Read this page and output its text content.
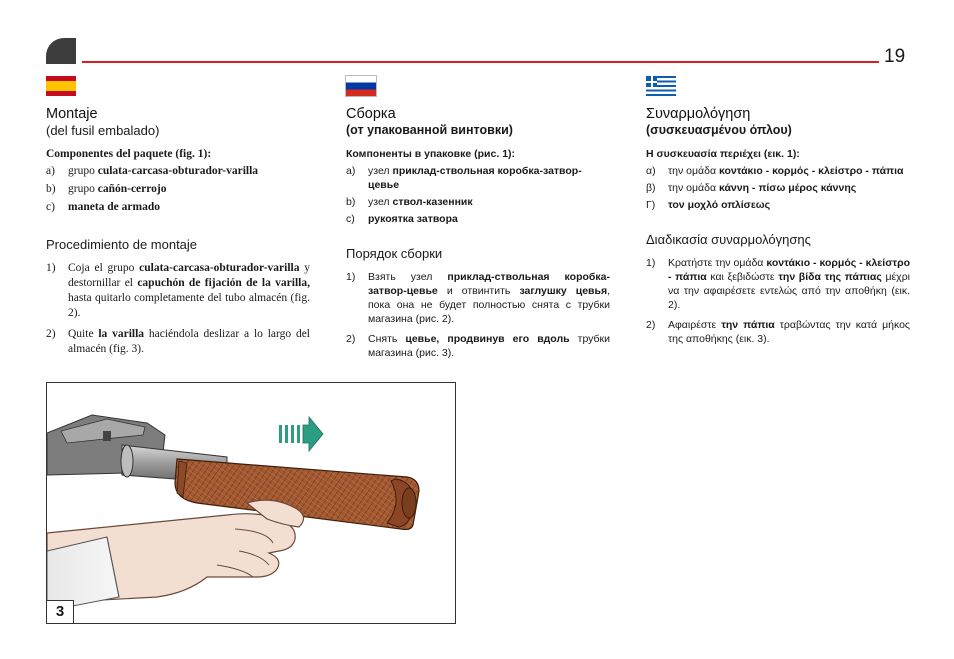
19
Montaje
(del fusil embalado)
Componentes del paquete (fig. 1):
a)	grupo culata-carcasa-obturador-varilla
b)	grupo cañón-cerrojo
c)	maneta de armado
Procedimiento de montaje
1)	Coja el grupo culata-carcasa-obturador-varilla y destornillar el capuchón de fijación de la varilla, hasta quitarlo completamente del tubo almacén (fig. 2).
2)	Quite la varilla haciéndola deslizar a lo largo del almacén (fig. 3).
Сборка
(от упакованной винтовки)
Компоненты в упаковке (рис. 1):
a)	узел приклад-ствольная коробка-затвор-цевье
b)	узел ствол-казенник
c)	рукоятка затвора
Порядок сборки
1)	Взять узел приклад-ствольная коробка-затвор-цевье и отвинтить заглушку цевья, пока она не будет полностью снята с трубки магазина (рис. 2).
2)	Снять цевье, продвинув его вдоль трубки магазина (рис. 3).
Συναρμολόγηση
(συσκευασμένου όπλου)
Η συσκευασία περιέχει (εικ. 1):
α)	την ομάδα κοντάκιο - κορμός - κλείστρο - πάπια
β)	την ομάδα κάννη - πίσω μέρος κάννης
Γ)	τον μοχλό οπλίσεως
Διαδικασία συναρμολόγησης
1)	Κρατήστε την ομάδα κοντάκιο - κορμός - κλείστρο - πάπια και ξεβιδώστε την βίδα της πάπιας μέχρι να την αφαιρέσετε εντελώς από την αποθήκη (εικ. 2).
2)	Αφαιρέστε την πάπια τραβώντας την κατά μήκος της αποθήκης (εικ. 3).
3
